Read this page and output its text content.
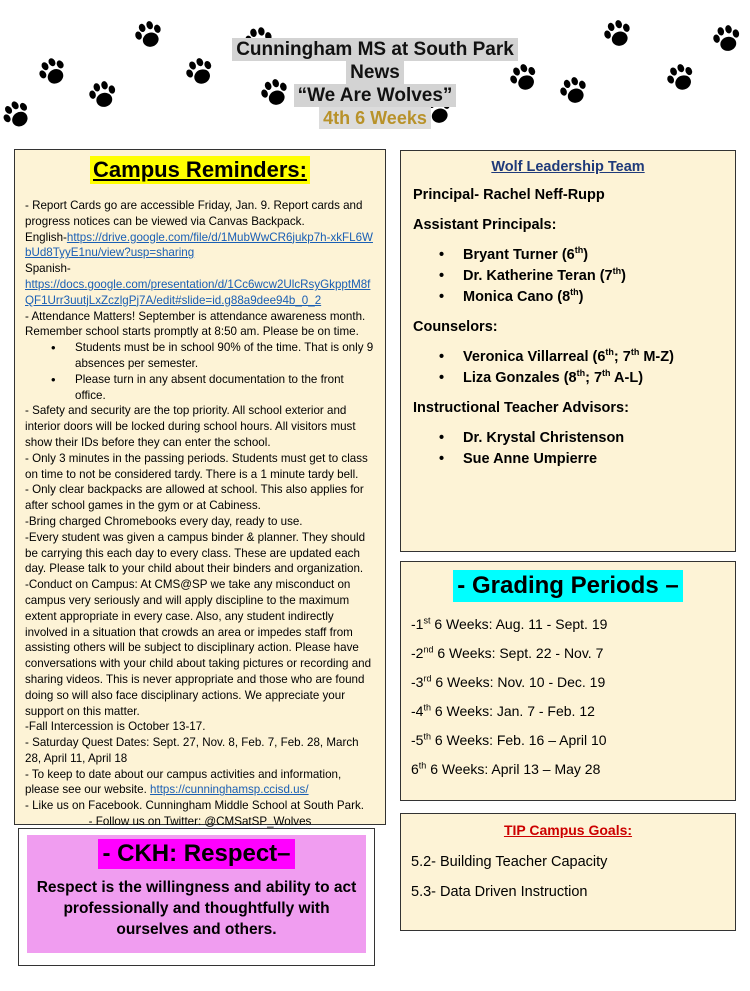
Cunningham MS at South Park
News
“We Are Wolves”
4th 6 Weeks
Campus Reminders:
- Report Cards go are accessible Friday, Jan. 9. Report cards and progress notices can be viewed via Canvas Backpack.
English-https://drive.google.com/file/d/1MubWwCR6jukp7h-xkFL6WbUd8TyyE1nu/view?usp=sharing
Spanish-
https://docs.google.com/presentation/d/1Cc6wcw2UlcRsyGkpptM8fQF1Urr3uutjLxZczlgPj7A/edit#slide=id.g88a9dee94b_0_2
- Attendance Matters! September is attendance awareness month. Remember school starts promptly at 8:50 am. Please be on time.
• Students must be in school 90% of the time. That is only 9 absences per semester.
• Please turn in any absent documentation to the front office.
- Safety and security are the top priority. All school exterior and interior doors will be locked during school hours. All visitors must show their IDs before they can enter the school.
- Only 3 minutes in the passing periods. Students must get to class on time to not be considered tardy. There is a 1 minute tardy bell.
- Only clear backpacks are allowed at school. This also applies for after school games in the gym or at Cabiness.
-Bring charged Chromebooks every day, ready to use.
-Every student was given a campus binder & planner. They should be carrying this each day to every class. These are updated each day. Please talk to your child about their binders and organization.
-Conduct on Campus: At CMS@SP we take any misconduct on campus very seriously and will apply discipline to the maximum extent appropriate in every case. Also, any student indirectly involved in a situation that crowds an area or impedes staff from assisting others will be subject to disciplinary action. Please have conversations with your child about taking pictures or recording and sharing videos. This is never appropriate and those who are found doing so will also face disciplinary actions. We appreciate your support on this matter.
-Fall Intercession is October 13-17.
- Saturday Quest Dates: Sept. 27, Nov. 8, Feb. 7, Feb. 28, March 28, April 11, April 18
- To keep to date about our campus activities and information, please see our website. https://cunninghamsp.ccisd.us/
- Like us on Facebook. Cunningham Middle School at South Park.
- Follow us on Twitter: @CMSatSP_Wolves
Wolf Leadership Team
Principal- Rachel Neff-Rupp
Assistant Principals:
• Bryant Turner (6th)
• Dr. Katherine Teran (7th)
• Monica Cano (8th)
Counselors:
• Veronica Villarreal (6th; 7th M-Z)
• Liza Gonzales (8th; 7th A-L)
Instructional Teacher Advisors:
• Dr. Krystal Christenson
• Sue Anne Umpierre
- Grading Periods –
-1st 6 Weeks: Aug. 11 - Sept. 19
-2nd 6 Weeks: Sept. 22 - Nov. 7
-3rd 6 Weeks: Nov. 10 - Dec. 19
-4th 6 Weeks: Jan. 7 - Feb. 12
-5th 6 Weeks: Feb. 16 – April 10
6th 6 Weeks: April 13 – May 28
- CKH: Respect–
Respect is the willingness and ability to act professionally and thoughtfully with ourselves and others.
TIP Campus Goals:
5.2- Building Teacher Capacity
5.3- Data Driven Instruction
